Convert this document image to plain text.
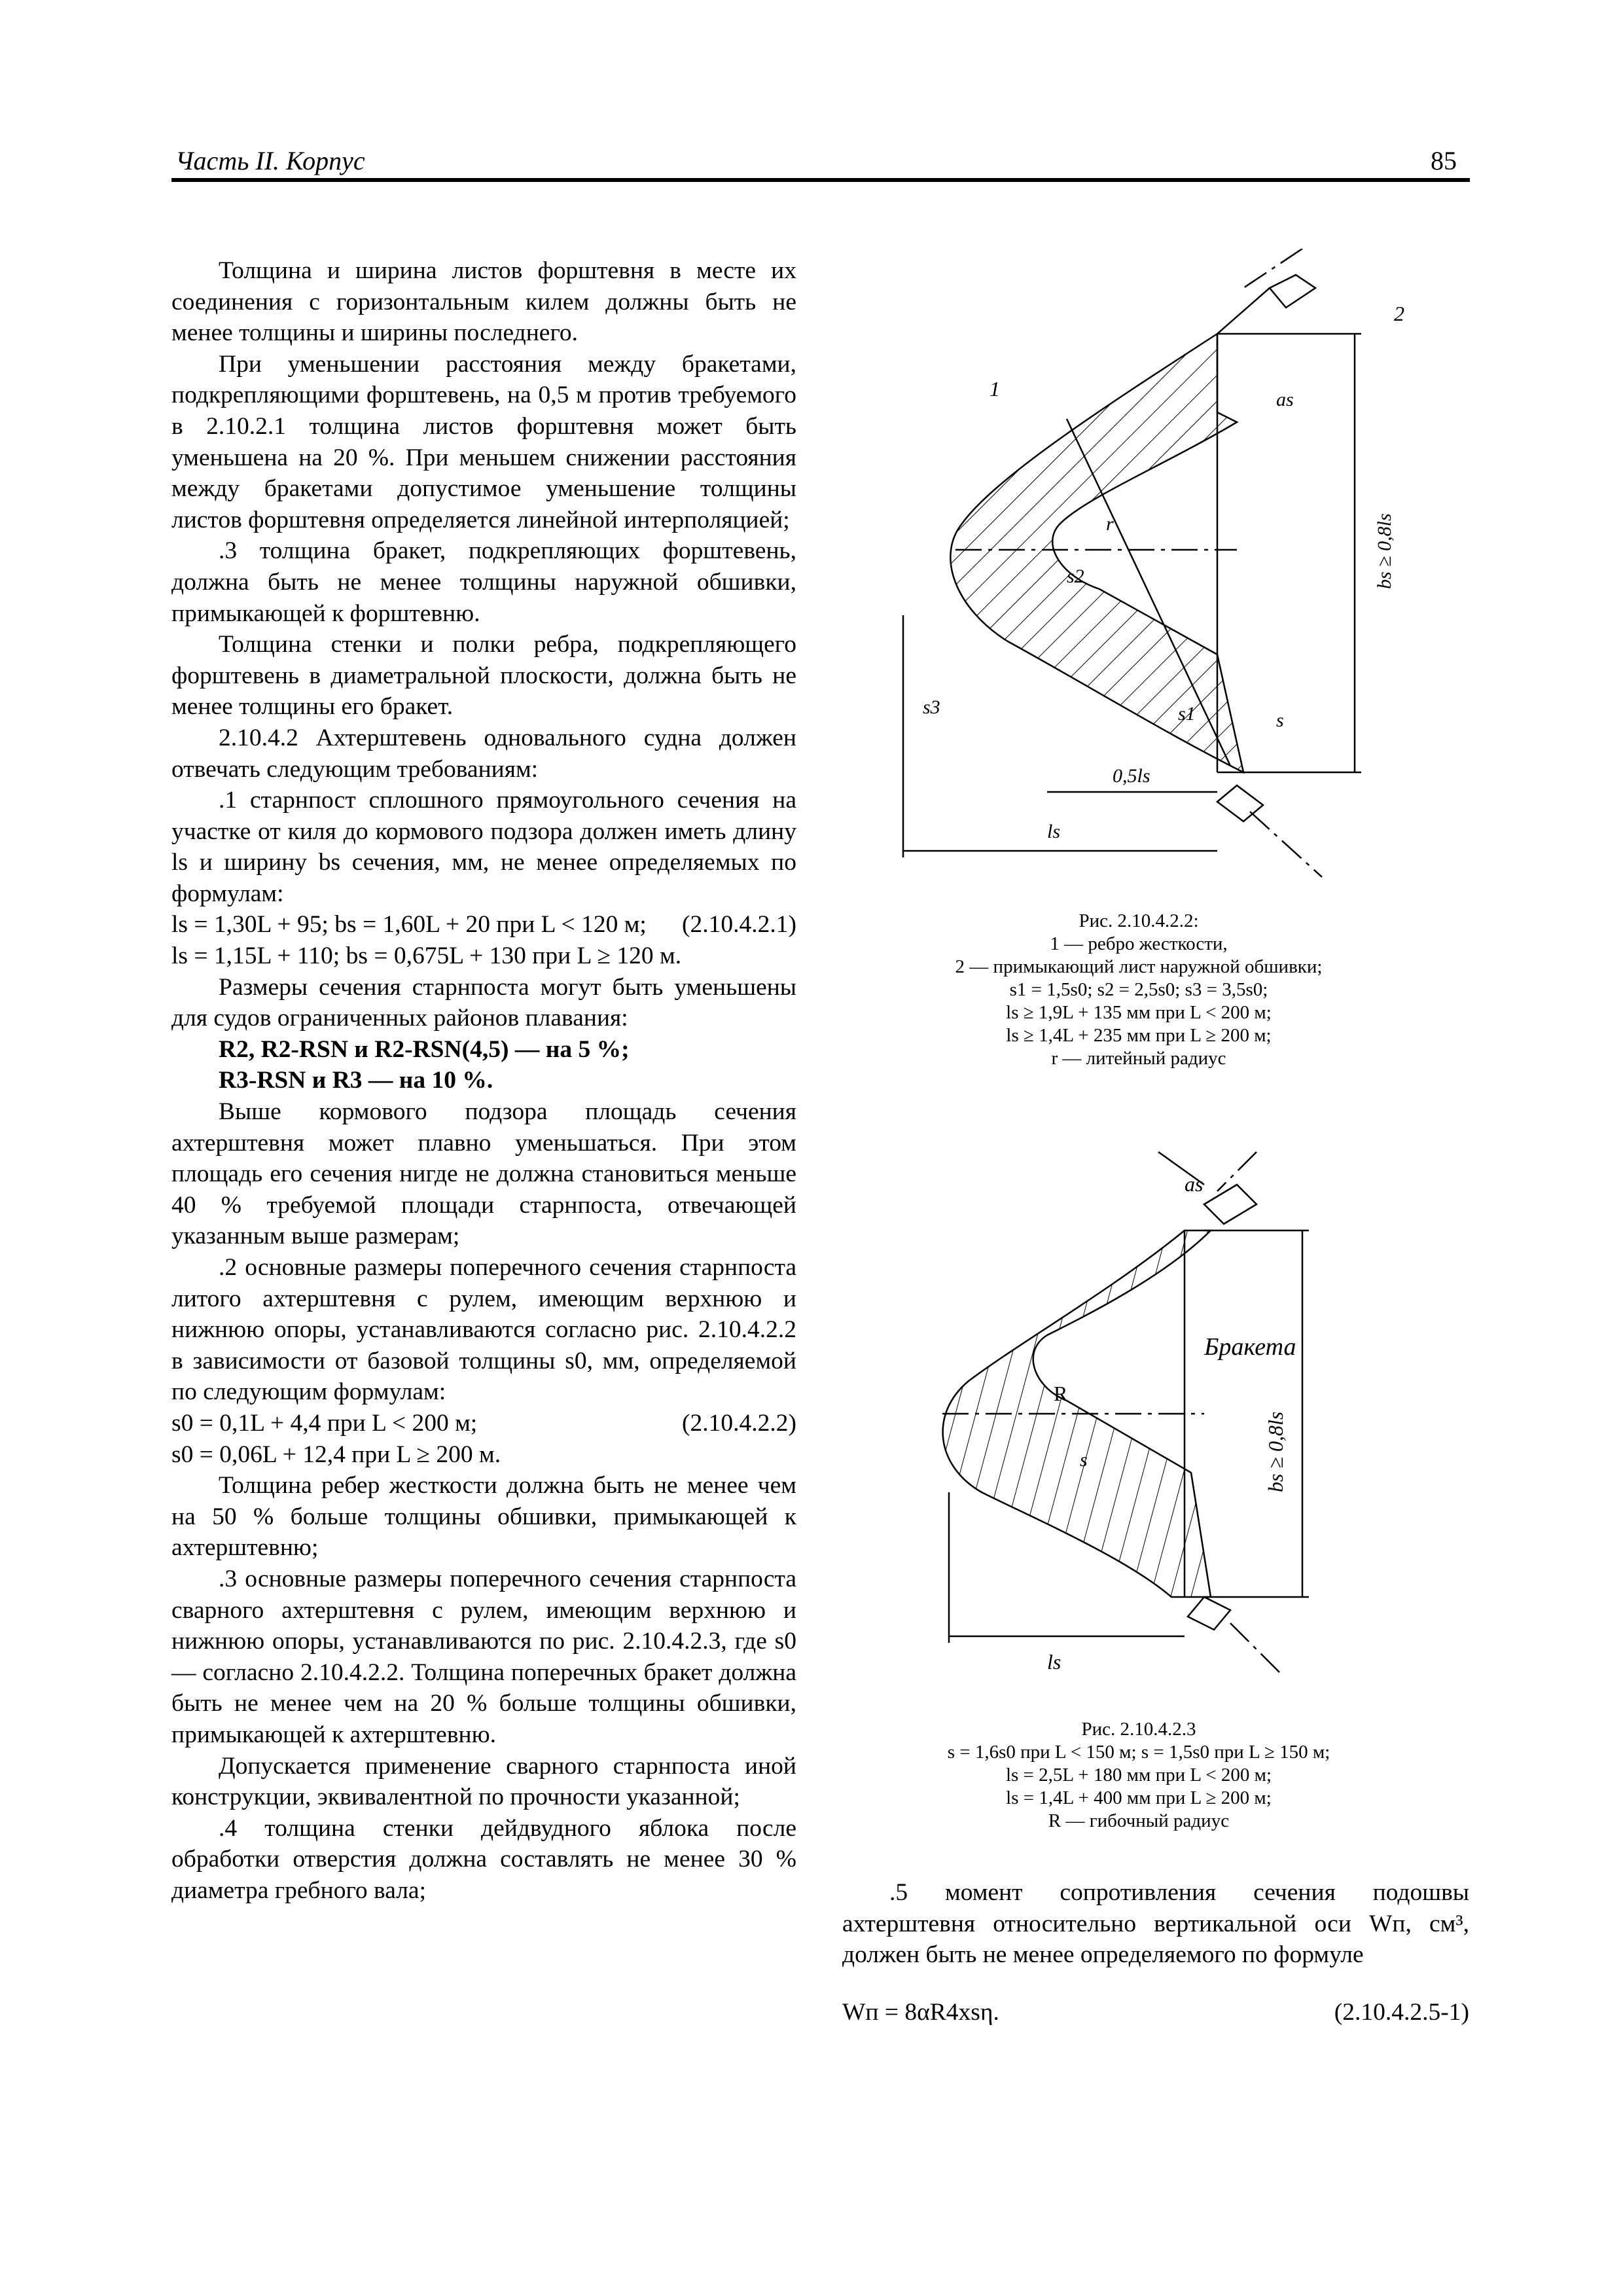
Часть II. Корпус	85

Толщина и ширина листов форштевня в месте их соединения с горизонтальным килем должны быть не менее толщины и ширины последнего.

При уменьшении расстояния между бракетами, подкрепляющими форштевень, на 0,5 м против требуемого в 2.10.2.1 толщина листов форштевня может быть уменьшена на 20 %. При меньшем снижении расстояния между бракетами допустимое уменьшение толщины листов форштевня определяется линейной интерполяцией;

.3 толщина бракет, подкрепляющих форштевень, должна быть не менее толщины наружной обшивки, примыкающей к форштевню.

Толщина стенки и полки ребра, подкрепляющего форштевень в диаметральной плоскости, должна быть не менее толщины его бракет.

2.10.4.2 Ахтерштевень одновального судна должен отвечать следующим требованиям:

.1 старнпост сплошного прямоугольного сечения на участке от киля до кормового подзора должен иметь длину ls и ширину bs сечения, мм, не менее определяемых по формулам:

ls = 1,30L + 95; bs = 1,60L + 20 при L < 120 м; (2.10.4.2.1)

ls = 1,15L + 110; bs = 0,675L + 130 при L ≥ 120 м.

Размеры сечения старнпоста могут быть уменьшены для судов ограниченных районов плавания:

R2, R2-RSN и R2-RSN(4,5) — на 5 %;

R3-RSN и R3 — на 10 %.

Выше кормового подзора площадь сечения ахтерштевня может плавно уменьшаться. При этом площадь его сечения нигде не должна становиться меньше 40 % требуемой площади старнпоста, отвечающей указанным выше размерам;

.2 основные размеры поперечного сечения старнпоста литого ахтерштевня с рулем, имеющим верхнюю и нижнюю опоры, устанавливаются согласно рис. 2.10.4.2.2 в зависимости от базовой толщины s0, мм, определяемой по следующим формулам:

s0 = 0,1L + 4,4 при L < 200 м;	(2.10.4.2.2)

s0 = 0,06L + 12,4 при L ≥ 200 м.

Толщина ребер жесткости должна быть не менее чем на 50 % больше толщины обшивки, примыкающей к ахтерштевню;

.3 основные размеры поперечного сечения старнпоста сварного ахтерштевня с рулем, имеющим верхнюю и нижнюю опоры, устанавливаются по рис. 2.10.4.2.3, где s0 — согласно 2.10.4.2.2. Толщина поперечных бракет должна быть не менее чем на 20 % больше толщины обшивки, примыкающей к ахтерштевню.

Допускается применение сварного старнпоста иной конструкции, эквивалентной по прочности указанной;

.4 толщина стенки дейдвудного яблока после обработки отверстия должна составлять не менее 30 % диаметра гребного вала;

1
2
r
s2
s3	s1	s
as
0,5ls
ls
bs ≥ 0,8ls
Рис. 2.10.4.2.2:
1 — ребро жесткости,
2 — примыкающий лист наружной обшивки;
s1 = 1,5s0; s2 = 2,5s0; s3 = 3,5s0;
ls ≥ 1,9L + 135 мм при L < 200 м;
ls ≥ 1,4L + 235 мм при L ≥ 200 м;
r — литейный радиус
as
Бракета
R
s
ls
bs ≥ 0,8ls
Рис. 2.10.4.2.3
s = 1,6s0 при L < 150 м; s = 1,5s0 при L ≥ 150 м;
ls = 2,5L + 180 мм при L < 200 м;
ls = 1,4L + 400 мм при L ≥ 200 м;
R — гибочный радиус

.5 момент сопротивления сечения подошвы ахтерштевня относительно вертикальной оси Wп, см³, должен быть не менее определяемого по формуле

Wп = 8αR4xsη.	(2.10.4.2.5-1)
